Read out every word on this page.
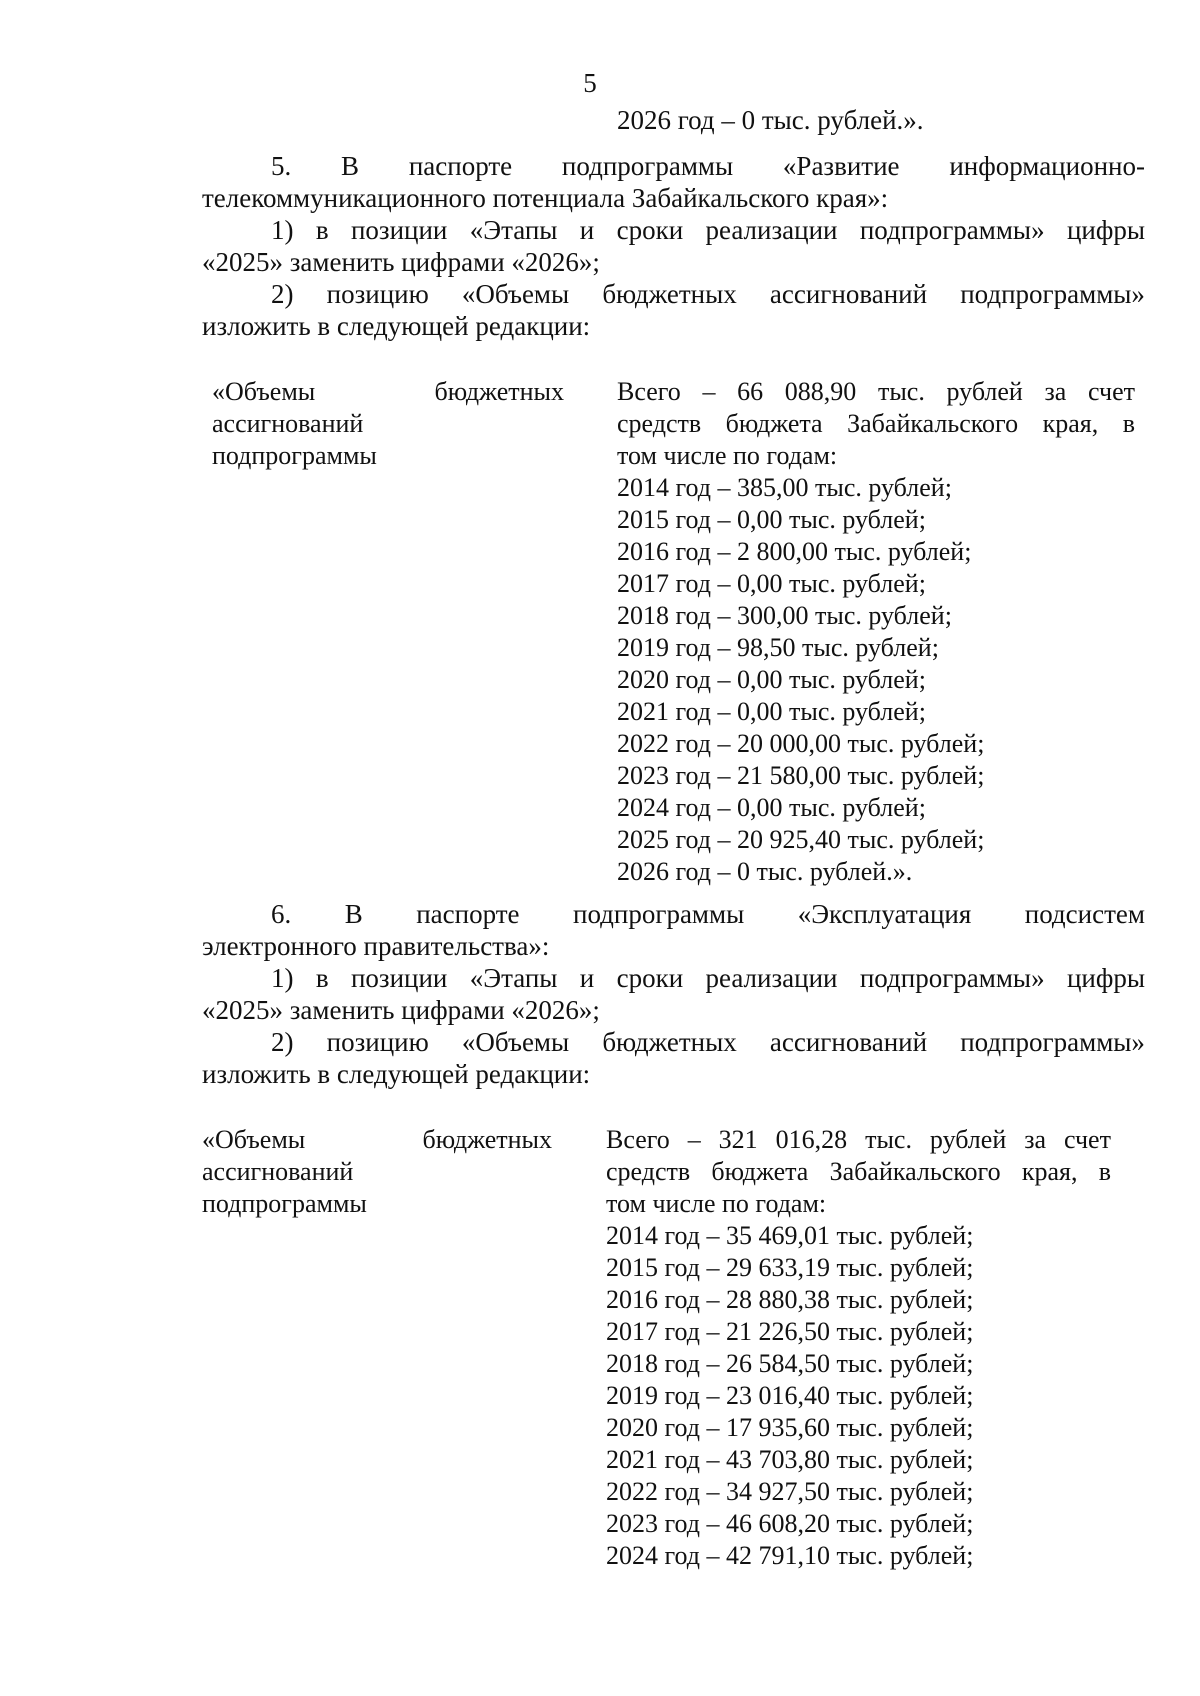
5
2026 год – 0 тыс. рублей.».
5. В паспорте подпрограммы «Развитие информационно-
телекоммуникационного потенциала Забайкальского края»:
1) в позиции «Этапы и сроки реализации подпрограммы» цифры
«2025» заменить цифрами «2026»;
2) позицию «Объемы бюджетных ассигнований подпрограммы»
изложить в следующей редакции:
«Объемы	бюджетных
ассигнований
подпрограммы
Всего – 66 088,90 тыс. рублей за счет
средств бюджета Забайкальского края, в
том числе по годам:
2014 год – 385,00 тыс. рублей;
2015 год – 0,00 тыс. рублей;
2016 год – 2 800,00 тыс. рублей;
2017 год – 0,00 тыс. рублей;
2018 год – 300,00 тыс. рублей;
2019 год – 98,50 тыс. рублей;
2020 год – 0,00 тыс. рублей;
2021 год – 0,00 тыс. рублей;
2022 год – 20 000,00 тыс. рублей;
2023 год – 21 580,00 тыс. рублей;
2024 год – 0,00 тыс. рублей;
2025 год – 20 925,40 тыс. рублей;
2026 год – 0 тыс. рублей.».
6. В паспорте подпрограммы «Эксплуатация подсистем
электронного правительства»:
1) в позиции «Этапы и сроки реализации подпрограммы» цифры
«2025» заменить цифрами «2026»;
2) позицию «Объемы бюджетных ассигнований подпрограммы»
изложить в следующей редакции:
«Объемы	бюджетных
ассигнований
подпрограммы
Всего – 321 016,28 тыс. рублей за счет
средств бюджета Забайкальского края, в
том числе по годам:
2014 год – 35 469,01 тыс. рублей;
2015 год – 29 633,19 тыс. рублей;
2016 год – 28 880,38 тыс. рублей;
2017 год – 21 226,50 тыс. рублей;
2018 год – 26 584,50 тыс. рублей;
2019 год – 23 016,40 тыс. рублей;
2020 год – 17 935,60 тыс. рублей;
2021 год – 43 703,80 тыс. рублей;
2022 год – 34 927,50 тыс. рублей;
2023 год – 46 608,20 тыс. рублей;
2024 год – 42 791,10 тыс. рублей;
